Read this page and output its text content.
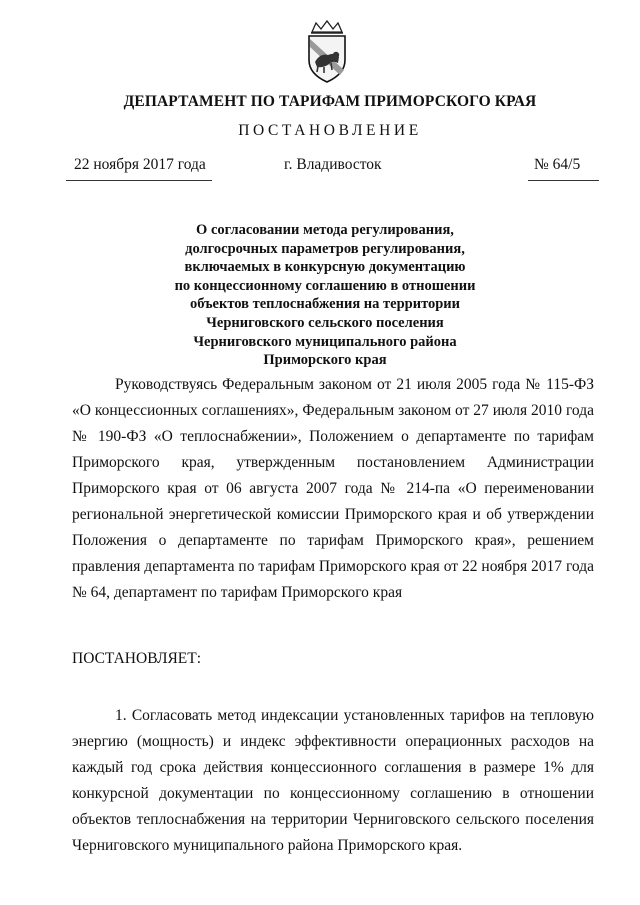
ДЕПАРТАМЕНТ ПО ТАРИФАМ ПРИМОРСКОГО КРАЯ
ПОСТАНОВЛЕНИЕ
22 ноября 2017 года	г. Владивосток	№ 64/5
О согласовании метода регулирования,
долгосрочных параметров регулирования,
включаемых в конкурсную документацию
по концессионному соглашению в отношении
объектов теплоснабжения на территории
Черниговского сельского поселения
Черниговского муниципального района
Приморского края
Руководствуясь Федеральным законом от 21 июля 2005 года № 115-ФЗ «О концессионных соглашениях», Федеральным законом от 27 июля 2010 года № 190-ФЗ «О теплоснабжении», Положением о департаменте по тарифам Приморского края, утвержденным постановлением Администрации Приморского края от 06 августа 2007 года № 214-па «О переименовании региональной энергетической комиссии Приморского края и об утверждении Положения о департаменте по тарифам Приморского края», решением правления департамента по тарифам Приморского края от 22 ноября 2017 года № 64, департамент по тарифам Приморского края
ПОСТАНОВЛЯЕТ:
1. Согласовать метод индексации установленных тарифов на тепловую энергию (мощность) и индекс эффективности операционных расходов на каждый год срока действия концессионного соглашения в размере 1% для конкурсной документации по концессионному соглашению в отношении объектов теплоснабжения на территории Черниговского сельского поселения Черниговского муниципального района Приморского края.
